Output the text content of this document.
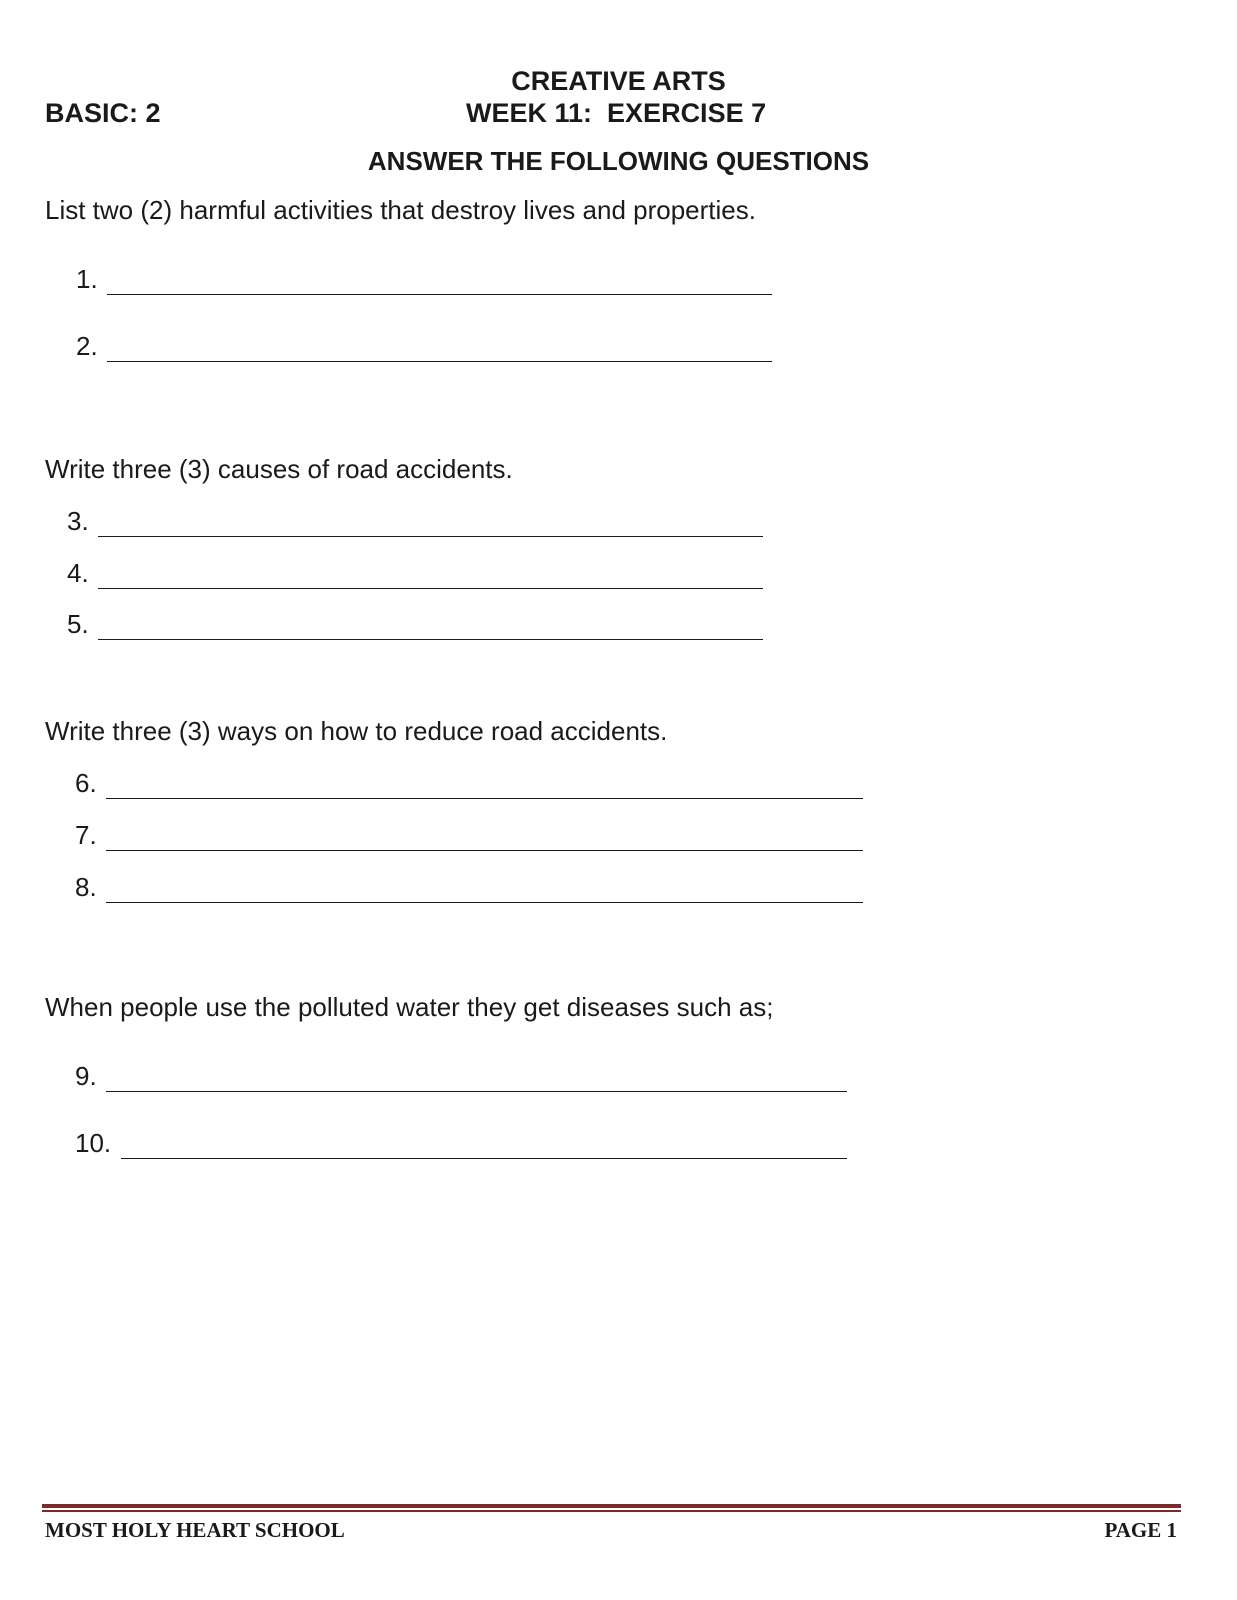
CREATIVE ARTS
BASIC: 2	WEEK 11:  EXERCISE 7
ANSWER THE FOLLOWING QUESTIONS
List two (2) harmful activities that destroy lives and properties.
1.
2.
Write three (3) causes of road accidents.
3.
4.
5.
Write three (3) ways on how to reduce road accidents.
6.
7.
8.
When people use the polluted water they get diseases such as;
9.
10.
MOST HOLY HEART SCHOOL	PAGE 1
